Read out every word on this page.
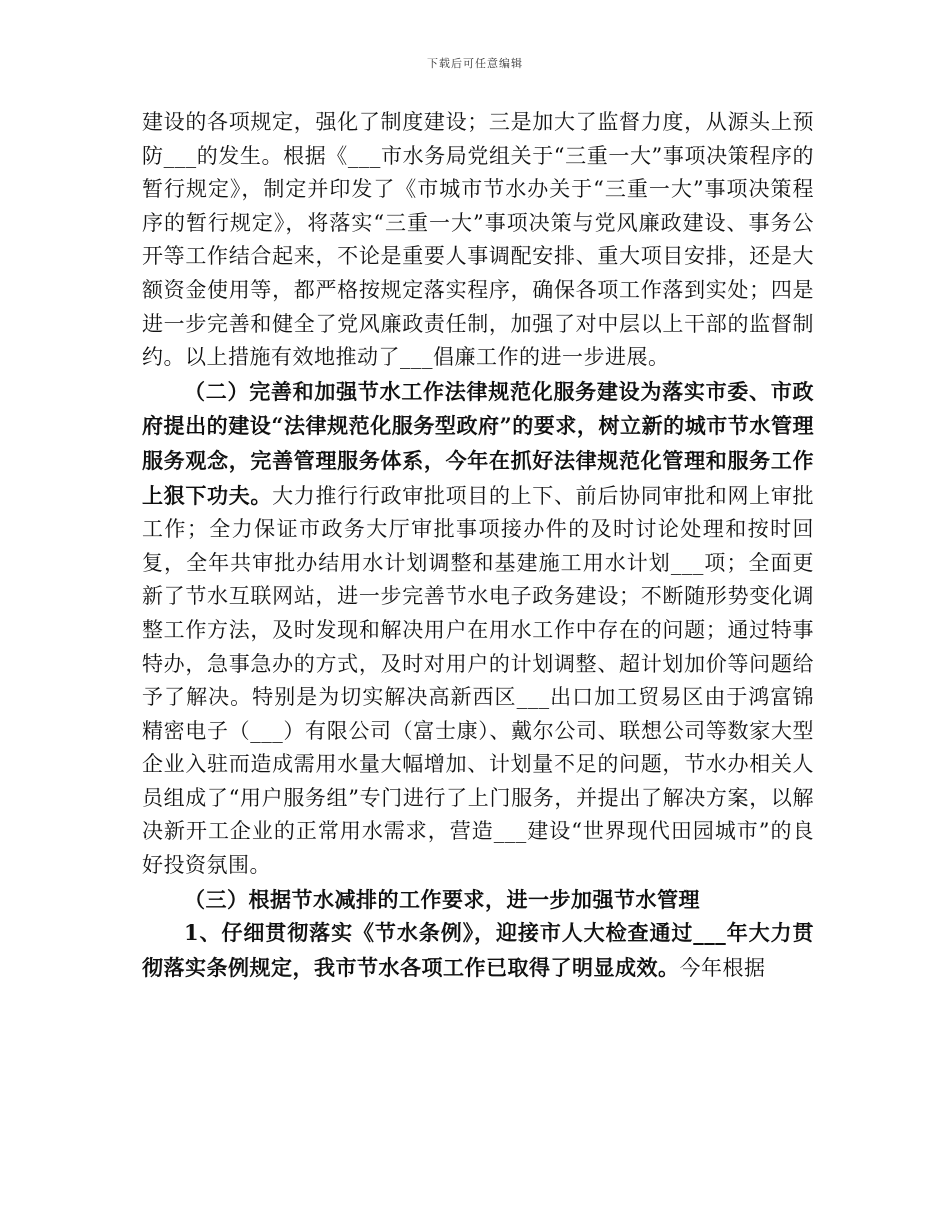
下载后可任意编辑

建设的各项规定，强化了制度建设；三是加大了监督力度，从源头上预防___的发生。根据《___市水务局党组关于“三重一大”事项决策程序的暂行规定》，制定并印发了《市城市节水办关于“三重一大”事项决策程序的暂行规定》，将落实“三重一大”事项决策与党风廉政建设、事务公开等工作结合起来，不论是重要人事调配安排、重大项目安排，还是大额资金使用等，都严格按规定落实程序，确保各项工作落到实处；四是进一步完善和健全了党风廉政责任制，加强了对中层以上干部的监督制约。以上措施有效地推动了___倡廉工作的进一步进展。

（二）完善和加强节水工作法律规范化服务建设为落实市委、市政府提出的建设“法律规范化服务型政府”的要求，树立新的城市节水管理服务观念，完善管理服务体系，今年在抓好法律规范化管理和服务工作上狠下功夫。大力推行行政审批项目的上下、前后协同审批和网上审批工作；全力保证市政务大厅审批事项接办件的及时讨论处理和按时回复，全年共审批办结用水计划调整和基建施工用水计划___项；全面更新了节水互联网站，进一步完善节水电子政务建设；不断随形势变化调整工作方法，及时发现和解决用户在用水工作中存在的问题；通过特事特办，急事急办的方式，及时对用户的计划调整、超计划加价等问题给予了解决。特别是为切实解决高新西区___出口加工贸易区由于鸿富锦精密电子（___）有限公司（富士康）、戴尔公司、联想公司等数家大型企业入驻而造成需用水量大幅增加、计划量不足的问题，节水办相关人员组成了“用户服务组”专门进行了上门服务，并提出了解决方案，以解决新开工企业的正常用水需求，营造___建设“世界现代田园城市”的良好投资氛围。

（三）根据节水减排的工作要求，进一步加强节水管理

1、仔细贯彻落实《节水条例》，迎接市人大检查通过___年大力贯彻落实条例规定，我市节水各项工作已取得了明显成效。今年根据
